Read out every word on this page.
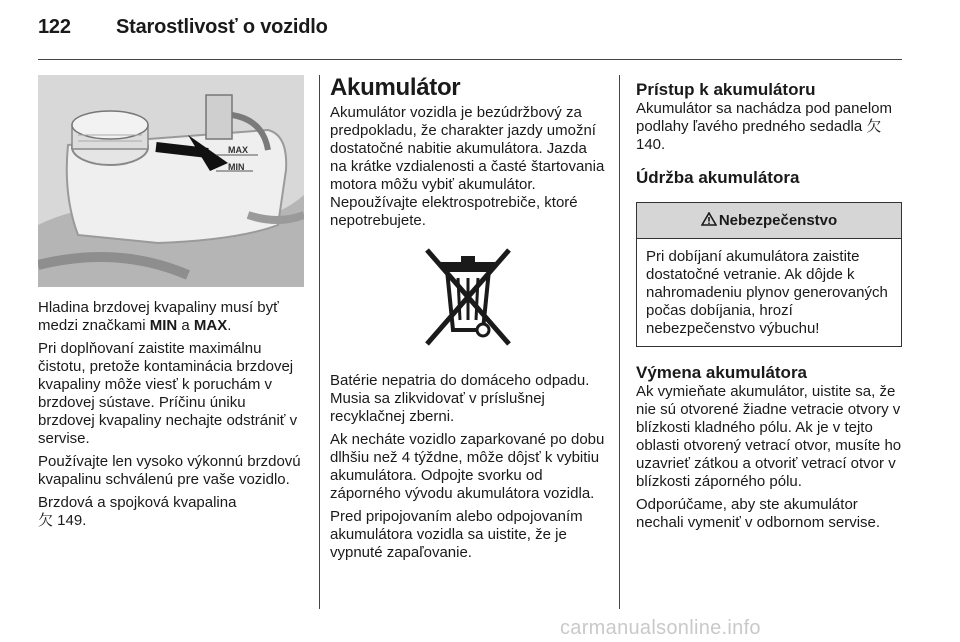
122 Starostlivosť o vozidlo
MAX
MIN

Hladina brzdovej kvapaliny musí byť medzi značkami MIN a MAX.

Pri doplňovaní zaistite maximálnu čistotu, pretože kontaminácia brzdovej kvapaliny môže viesť k poruchám v brzdovej sústave. Príčinu úniku brzdovej kvapaliny nechajte odstrániť v servise.

Používajte len vysoko výkonnú brzdovú kvapalinu schválenú pre vaše vozidlo.

Brzdová a spojková kvapalina
⽋ 149.

Akumulátor

Akumulátor vozidla je bezúdržbový za predpokladu, že charakter jazdy umožní dostatočné nabitie akumulátora. Jazda na krátke vzdialenosti a časté štartovania motora môžu vybiť akumulátor. Nepoužívajte elektrospotrebiče, ktoré nepotrebujete.

Batérie nepatria do domáceho odpadu. Musia sa zlikvidovať v príslušnej recyklačnej zberni.

Ak necháte vozidlo zaparkované po dobu dlhšiu než 4 týždne, môže dôjsť k vybitiu akumulátora. Odpojte svorku od záporného vývodu akumulátora vozidla.

Pred pripojovaním alebo odpojovaním akumulátora vozidla sa uistite, že je vypnuté zapaľovanie.

Prístup k akumulátoru

Akumulátor sa nachádza pod panelom podlahy ľavého predného sedadla ⽋ 140.

Údržba akumulátora
Nebezpečenstvo
Pri dobíjaní akumulátora zaistite dostatočné vetranie. Ak dôjde k nahromadeniu plynov generovaných počas dobíjania, hrozí nebezpečenstvo výbuchu!
Výmena akumulátora

Ak vymieňate akumulátor, uistite sa, že nie sú otvorené žiadne vetracie otvory v blízkosti kladného pólu. Ak je v tejto oblasti otvorený vetrací otvor, musíte ho uzavrieť zátkou a otvoriť vetrací otvor v blízkosti záporného pólu.

Odporúčame, aby ste akumulátor nechali vymeniť v odbornom servise.

carmanualsonline.info
